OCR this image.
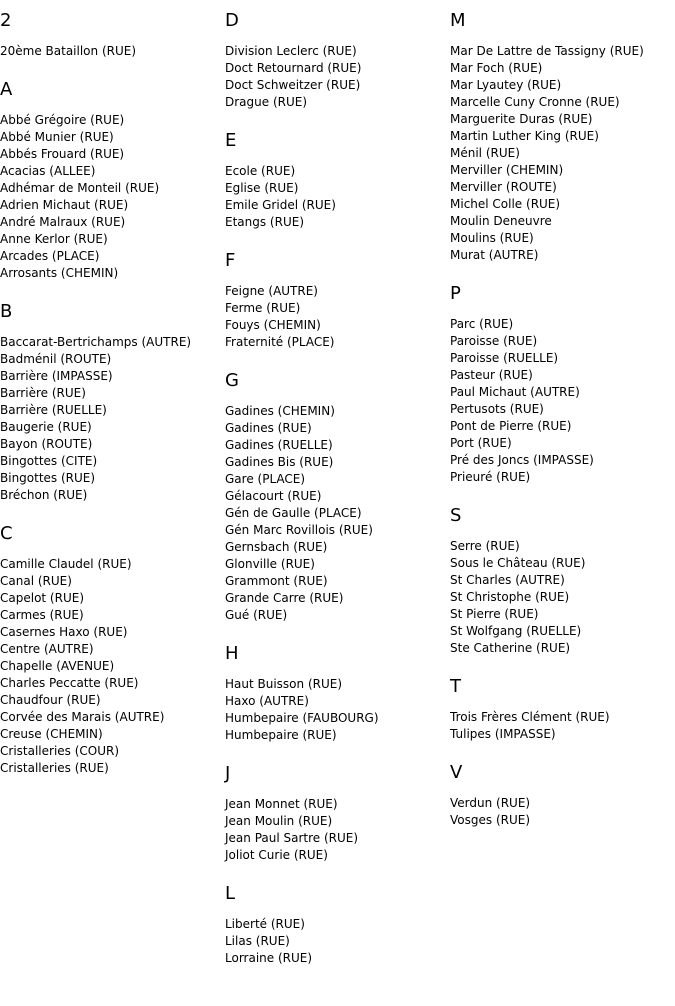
2
20ème Bataillon (RUE)
A
Abbé Grégoire (RUE)
Abbé Munier (RUE)
Abbés Frouard (RUE)
Acacias (ALLEE)
Adhémar de Monteil (RUE)
Adrien Michaut (RUE)
André Malraux (RUE)
Anne Kerlor (RUE)
Arcades (PLACE)
Arrosants (CHEMIN)
B
Baccarat-Bertrichamps (AUTRE)
Badménil (ROUTE)
Barrière (IMPASSE)
Barrière (RUE)
Barrière (RUELLE)
Baugerie (RUE)
Bayon (ROUTE)
Bingottes (CITE)
Bingottes (RUE)
Bréchon (RUE)
C
Camille Claudel (RUE)
Canal (RUE)
Capelot (RUE)
Carmes (RUE)
Casernes Haxo (RUE)
Centre (AUTRE)
Chapelle (AVENUE)
Charles Peccatte (RUE)
Chaudfour (RUE)
Corvée des Marais (AUTRE)
Creuse (CHEMIN)
Cristalleries (COUR)
Cristalleries (RUE)
D
Division Leclerc (RUE)
Doct Retournard (RUE)
Doct Schweitzer (RUE)
Drague (RUE)
E
Ecole (RUE)
Eglise (RUE)
Emile Gridel (RUE)
Etangs (RUE)
F
Feigne (AUTRE)
Ferme (RUE)
Fouys (CHEMIN)
Fraternité (PLACE)
G
Gadines (CHEMIN)
Gadines (RUE)
Gadines (RUELLE)
Gadines Bis (RUE)
Gare (PLACE)
Gélacourt (RUE)
Gén de Gaulle (PLACE)
Gén Marc Rovillois (RUE)
Gernsbach (RUE)
Glonville (RUE)
Grammont (RUE)
Grande Carre (RUE)
Gué (RUE)
H
Haut Buisson (RUE)
Haxo (AUTRE)
Humbepaire (FAUBOURG)
Humbepaire (RUE)
J
Jean Monnet (RUE)
Jean Moulin (RUE)
Jean Paul Sartre (RUE)
Joliot Curie (RUE)
L
Liberté (RUE)
Lilas (RUE)
Lorraine (RUE)
M
Mar De Lattre de Tassigny (RUE)
Mar Foch (RUE)
Mar Lyautey (RUE)
Marcelle Cuny Cronne (RUE)
Marguerite Duras (RUE)
Martin Luther King (RUE)
Ménil (RUE)
Merviller (CHEMIN)
Merviller (ROUTE)
Michel Colle (RUE)
Moulin Deneuvre
Moulins (RUE)
Murat (AUTRE)
P
Parc (RUE)
Paroisse (RUE)
Paroisse (RUELLE)
Pasteur (RUE)
Paul Michaut (AUTRE)
Pertusots (RUE)
Pont de Pierre (RUE)
Port (RUE)
Pré des Joncs (IMPASSE)
Prieuré (RUE)
S
Serre (RUE)
Sous le Château (RUE)
St Charles (AUTRE)
St Christophe (RUE)
St Pierre (RUE)
St Wolfgang (RUELLE)
Ste Catherine (RUE)
T
Trois Frères Clément (RUE)
Tulipes (IMPASSE)
V
Verdun (RUE)
Vosges (RUE)
